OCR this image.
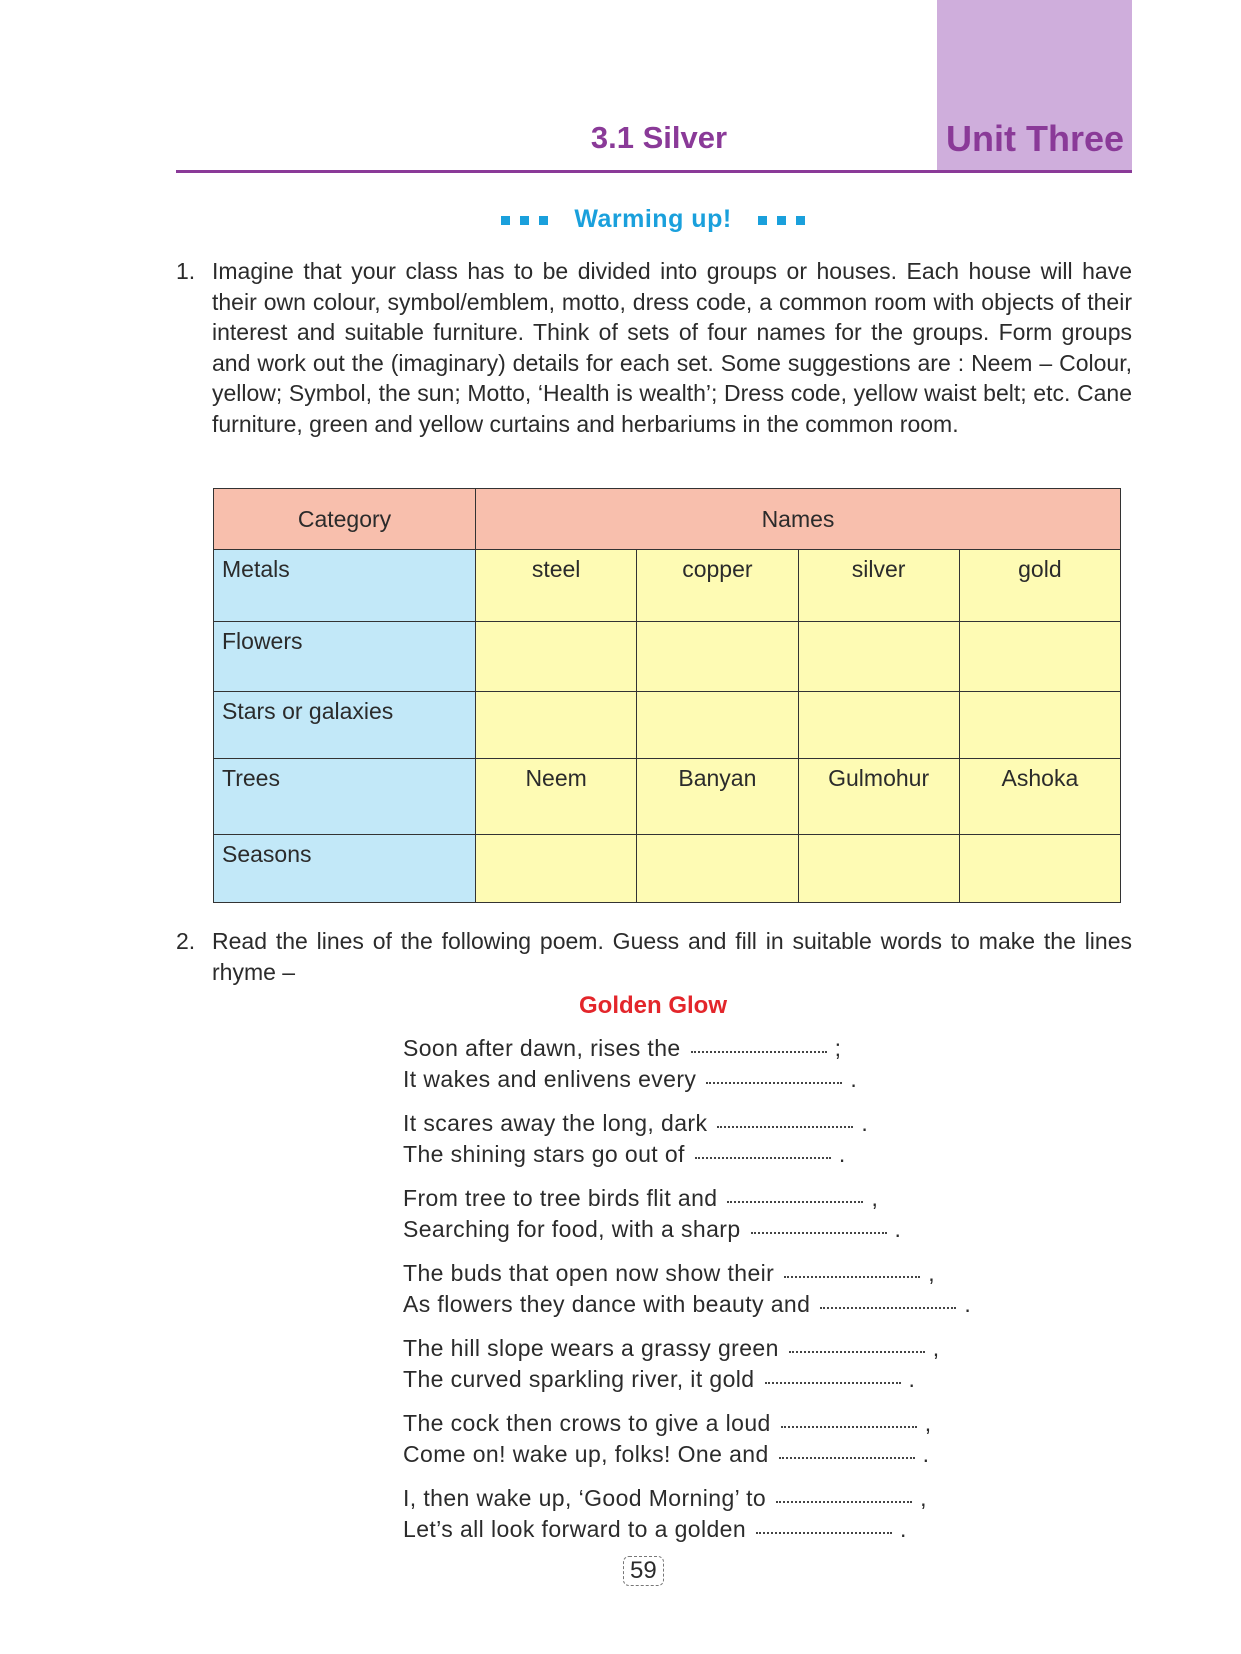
Unit Three
3.1 Silver
Warming up!
1. Imagine that your class has to be divided into groups or houses. Each house will have their own colour, symbol/emblem, motto, dress code, a common room with objects of their interest and suitable furniture. Think of sets of four names for the groups. Form groups and work out the (imaginary) details for each set. Some suggestions are : Neem – Colour, yellow; Symbol, the sun; Motto, ‘Health is wealth’; Dress code, yellow waist belt; etc. Cane furniture, green and yellow curtains and herbariums in the common room.
Category	Names			
Metals	steel	copper	silver	gold
Flowers				
Stars or galaxies				
Trees	Neem	Banyan	Gulmohur	Ashoka
Seasons				
2. Read the lines of the following poem. Guess and fill in suitable words to make the lines rhyme –
Golden Glow
Soon after dawn, rises the	;
It wakes and enlivens every	.
It scares away the long, dark	.
The shining stars go out of	.
From tree to tree birds flit and	,
Searching for food, with a sharp	.
The buds that open now show their	,
As flowers they dance with beauty and	.
The hill slope wears a grassy green	,
The curved sparkling river, it gold	.
The cock then crows to give a loud	,
Come on! wake up, folks! One and	.
I, then wake up, ‘Good Morning’ to	,
Let’s all look forward to a golden	.
59
